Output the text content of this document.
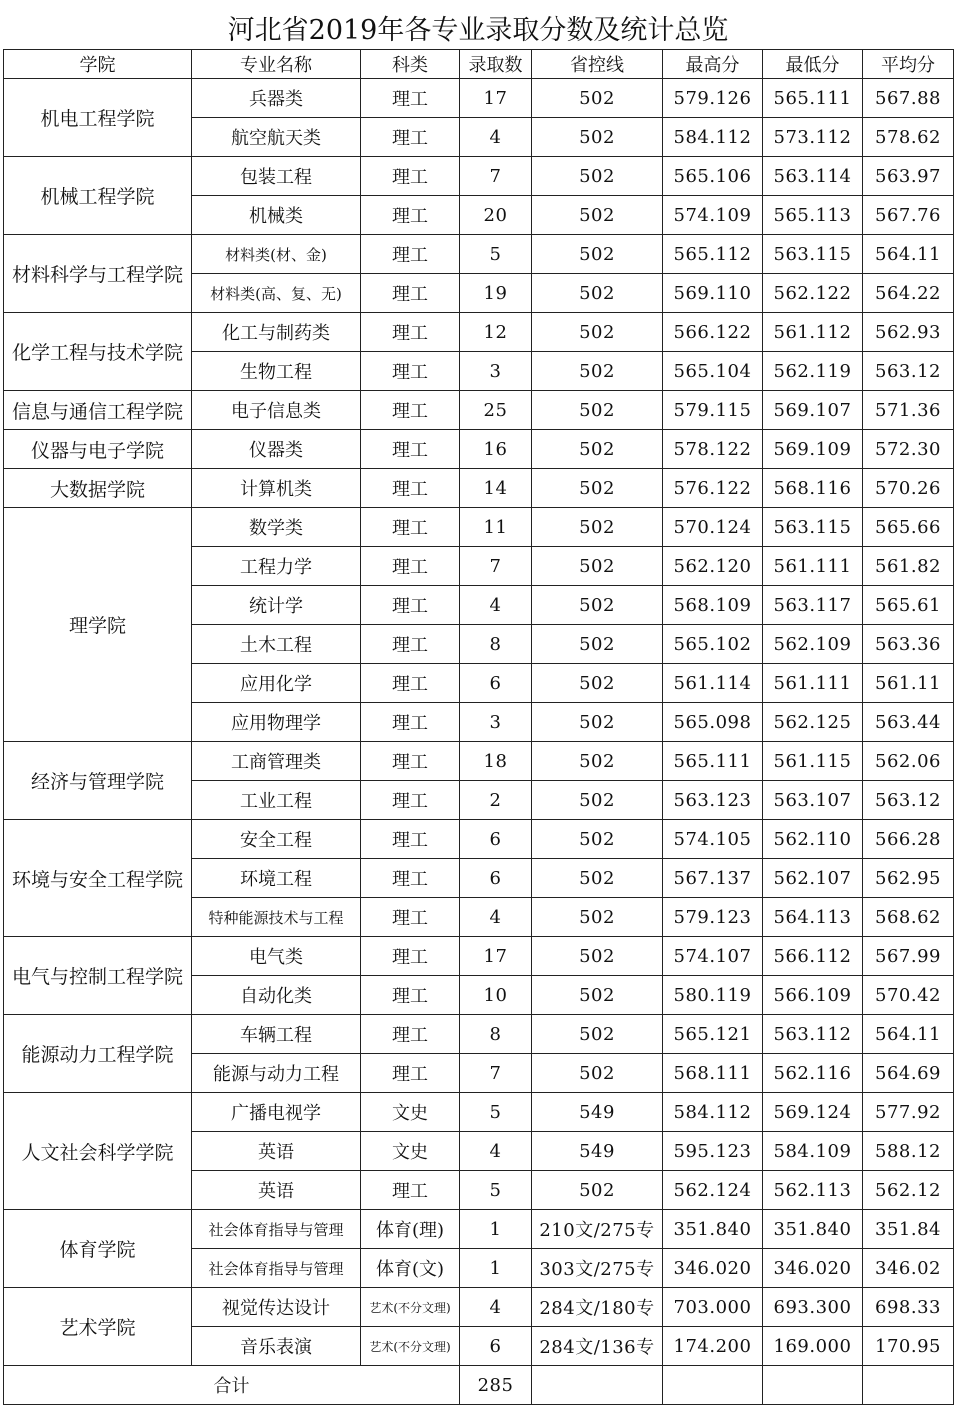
河北省2019年各专业录取分数及统计总览
学院	专业名称	科类	录取数	省控线	最高分	最低分	平均分
机电工程学院	兵器类	理工	17	502	579.126	565.111	567.88
	航空航天类	理工	4	502	584.112	573.112	578.62
机械工程学院	包装工程	理工	7	502	565.106	563.114	563.97
	机械类	理工	20	502	574.109	565.113	567.76
材料科学与工程学院	材料类(材、金)	理工	5	502	565.112	563.115	564.11
	材料类(高、复、无)	理工	19	502	569.110	562.122	564.22
化学工程与技术学院	化工与制药类	理工	12	502	566.122	561.112	562.93
	生物工程	理工	3	502	565.104	562.119	563.12
信息与通信工程学院	电子信息类	理工	25	502	579.115	569.107	571.36
仪器与电子学院	仪器类	理工	16	502	578.122	569.109	572.30
大数据学院	计算机类	理工	14	502	576.122	568.116	570.26
理学院	数学类	理工	11	502	570.124	563.115	565.66
	工程力学	理工	7	502	562.120	561.111	561.82
	统计学	理工	4	502	568.109	563.117	565.61
	土木工程	理工	8	502	565.102	562.109	563.36
	应用化学	理工	6	502	561.114	561.111	561.11
	应用物理学	理工	3	502	565.098	562.125	563.44
经济与管理学院	工商管理类	理工	18	502	565.111	561.115	562.06
	工业工程	理工	2	502	563.123	563.107	563.12
环境与安全工程学院	安全工程	理工	6	502	574.105	562.110	566.28
	环境工程	理工	6	502	567.137	562.107	562.95
	特种能源技术与工程	理工	4	502	579.123	564.113	568.62
电气与控制工程学院	电气类	理工	17	502	574.107	566.112	567.99
	自动化类	理工	10	502	580.119	566.109	570.42
能源动力工程学院	车辆工程	理工	8	502	565.121	563.112	564.11
	能源与动力工程	理工	7	502	568.111	562.116	564.69
人文社会科学学院	广播电视学	文史	5	549	584.112	569.124	577.92
	英语	文史	4	549	595.123	584.109	588.12
	英语	理工	5	502	562.124	562.113	562.12
体育学院	社会体育指导与管理	体育(理)	1	210文/275专	351.840	351.840	351.84
	社会体育指导与管理	体育(文)	1	303文/275专	346.020	346.020	346.02
艺术学院	视觉传达设计	艺术(不分文理)	4	284文/180专	703.000	693.300	698.33
	音乐表演	艺术(不分文理)	6	284文/136专	174.200	169.000	170.95
合计			285				
